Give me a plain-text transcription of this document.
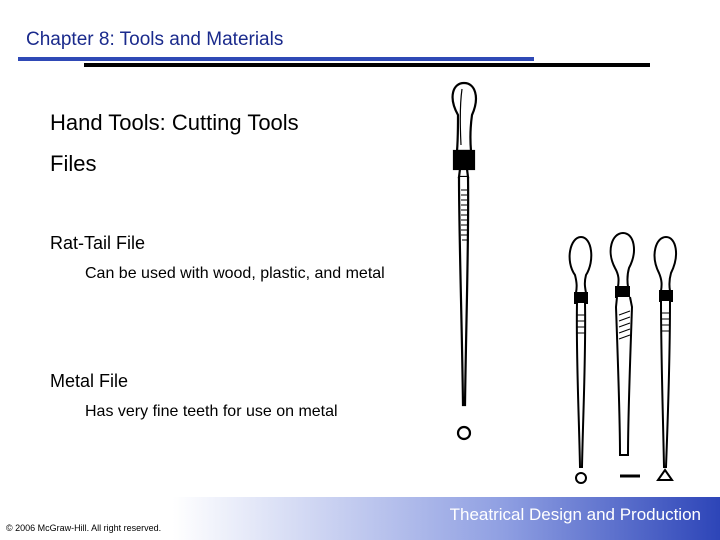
Chapter 8: Tools and Materials
Hand Tools: Cutting Tools
Files
Rat-Tail File
Can be used with wood, plastic, and metal
Metal File
Has very fine teeth for use on metal
Theatrical Design and Production
© 2006 McGraw-Hill. All right reserved.
